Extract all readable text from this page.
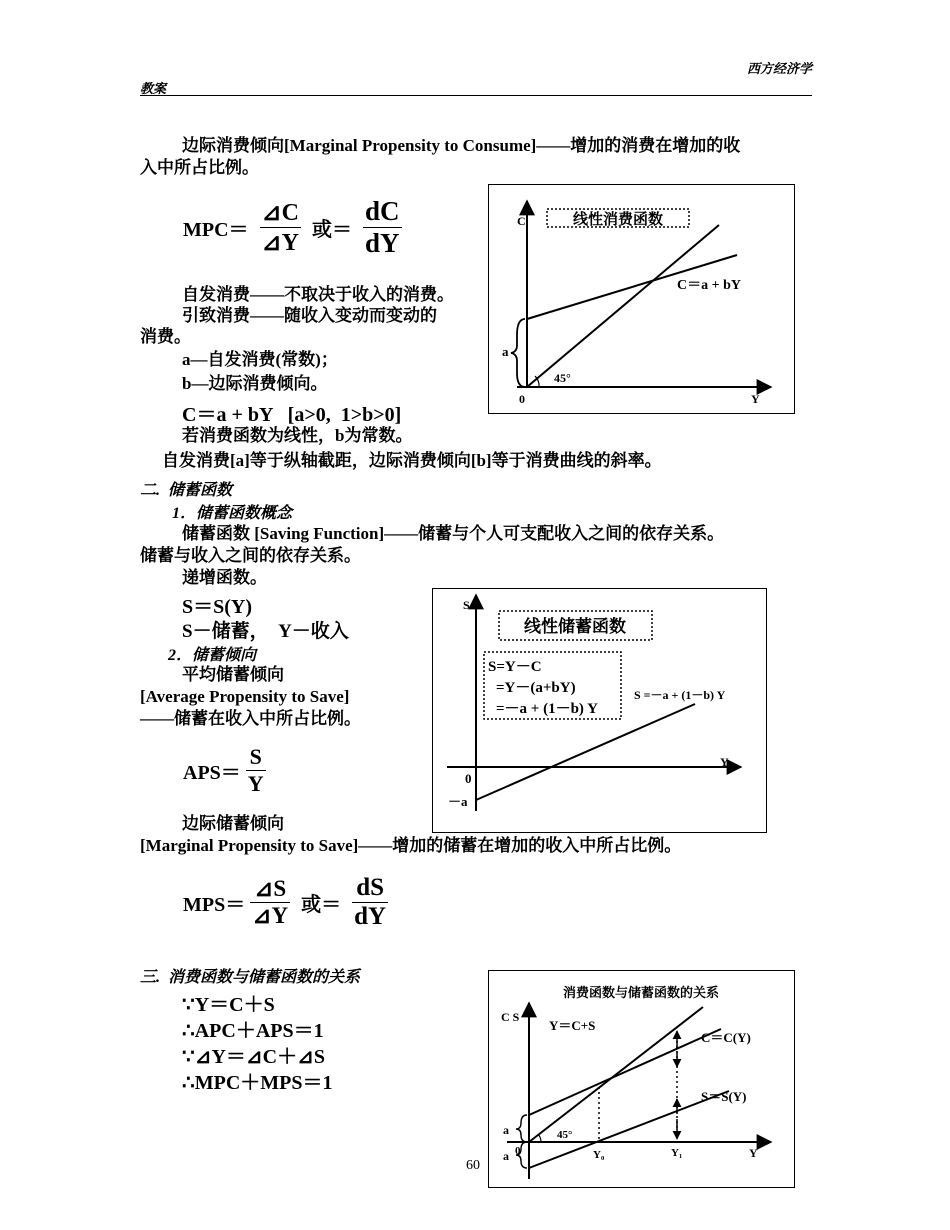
西方经济学
教案
边际消费倾向[Marginal Propensity to Consume]––––增加的消费在增加的收
入中所占比例。
$MPC= \frac{⊿C}{⊿Y}$ 或＝ $\frac{dC}{dY}$
自发消费––––不取决于收入的消费。
引致消费––––随收入变动而变动的
消费。
a––自发消费(常数)；
b––边际消费倾向。
C＝a + bY   [a>0,  1>b>0]
若消费函数为线性，b为常数。
自发消费[a]等于纵轴截距，边际消费倾向[b]等于消费曲线的斜率。
线性消费函数
C
Y
0
a
45°
C＝a + bY
二.  储蓄函数
1．储蓄函数概念
储蓄函数 [Saving Function]––––储蓄与个人可支配收入之间的依存关系。
储蓄与收入之间的依存关系。
递增函数。
S＝S(Y)
S－储蓄，  Y－收入
2．储蓄倾向
平均储蓄倾向
[Average Propensity to Save]
––––储蓄在收入中所占比例。
$APS= \frac{S}{Y}$
边际储蓄倾向
[Marginal Propensity to Save]––––增加的储蓄在增加的收入中所占比例。
$MPS= \frac{⊿S}{⊿Y}$ 或＝ $\frac{dS}{dY}$
线性储蓄函数
S=Y－C
=Y－(a+bY)
=－a + (1－b) Y
S =－a + (1－b) Y
S
Y
0
－a
三.  消费函数与储蓄函数的关系
∵Y＝C＋S
∴APC＋APS＝1
∵⊿Y＝⊿C＋⊿S
∴MPC＋MPS＝1
消费函数与储蓄函数的关系
C S
Y＝C+S
C＝C(Y)
S＝S(Y)
a
a 0
45°
Y₀	Y₁	Y
60
